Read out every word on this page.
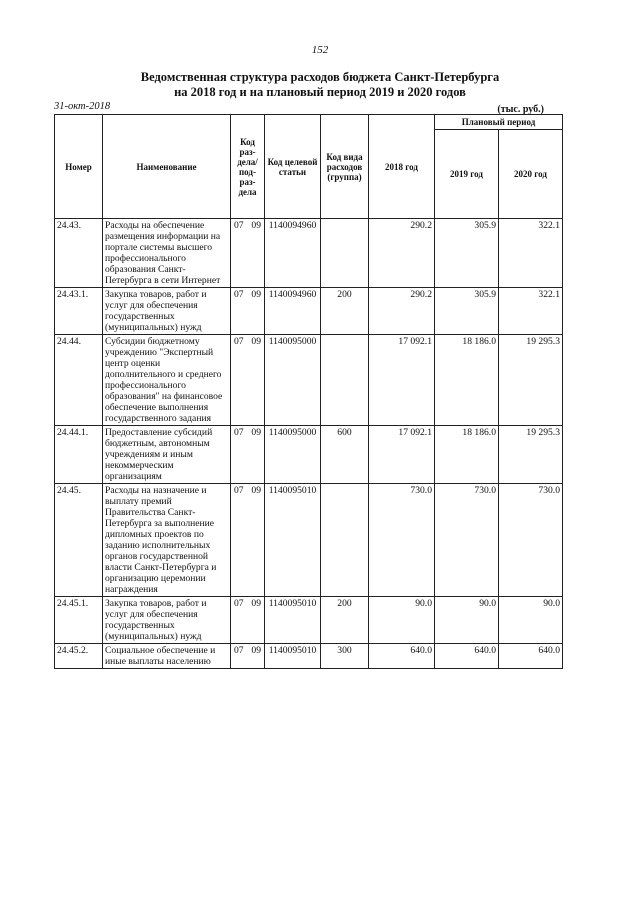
152
Ведомственная структура расходов бюджета Санкт-Петербурга
на 2018 год и на плановый период 2019 и 2020 годов
31-окт-2018	(тыс. руб.)
Номер	Наименование	Код раз-дела/ под-раз-дела	Код целевой статьи	Код вида расходов (группа)	2018 год	Плановый период	
						2019 год	2020 год
24.43.	Расходы на обеспечение размещения информации на портале системы высшего профессионального образования Санкт-Петербурга в сети Интернет	07 09	1140094960		290.2	305.9	322.1
24.43.1.	Закупка товаров, работ и услуг для обеспечения государственных (муниципальных) нужд	07 09	1140094960	200	290.2	305.9	322.1
24.44.	Субсидии бюджетному учреждению "Экспертный центр оценки дополнительного и среднего профессионального образования" на финансовое обеспечение выполнения государственного задания	07 09	1140095000		17 092.1	18 186.0	19 295.3
24.44.1.	Предоставление субсидий бюджетным, автономным учреждениям и иным некоммерческим организациям	07 09	1140095000	600	17 092.1	18 186.0	19 295.3
24.45.	Расходы на назначение и выплату премий Правительства Санкт-Петербурга за выполнение дипломных проектов по заданию исполнительных органов государственной власти Санкт-Петербурга и организацию церемонии награждения	07 09	1140095010		730.0	730.0	730.0
24.45.1.	Закупка товаров, работ и услуг для обеспечения государственных (муниципальных) нужд	07 09	1140095010	200	90.0	90.0	90.0
24.45.2.	Социальное обеспечение и иные выплаты населению	07 09	1140095010	300	640.0	640.0	640.0
